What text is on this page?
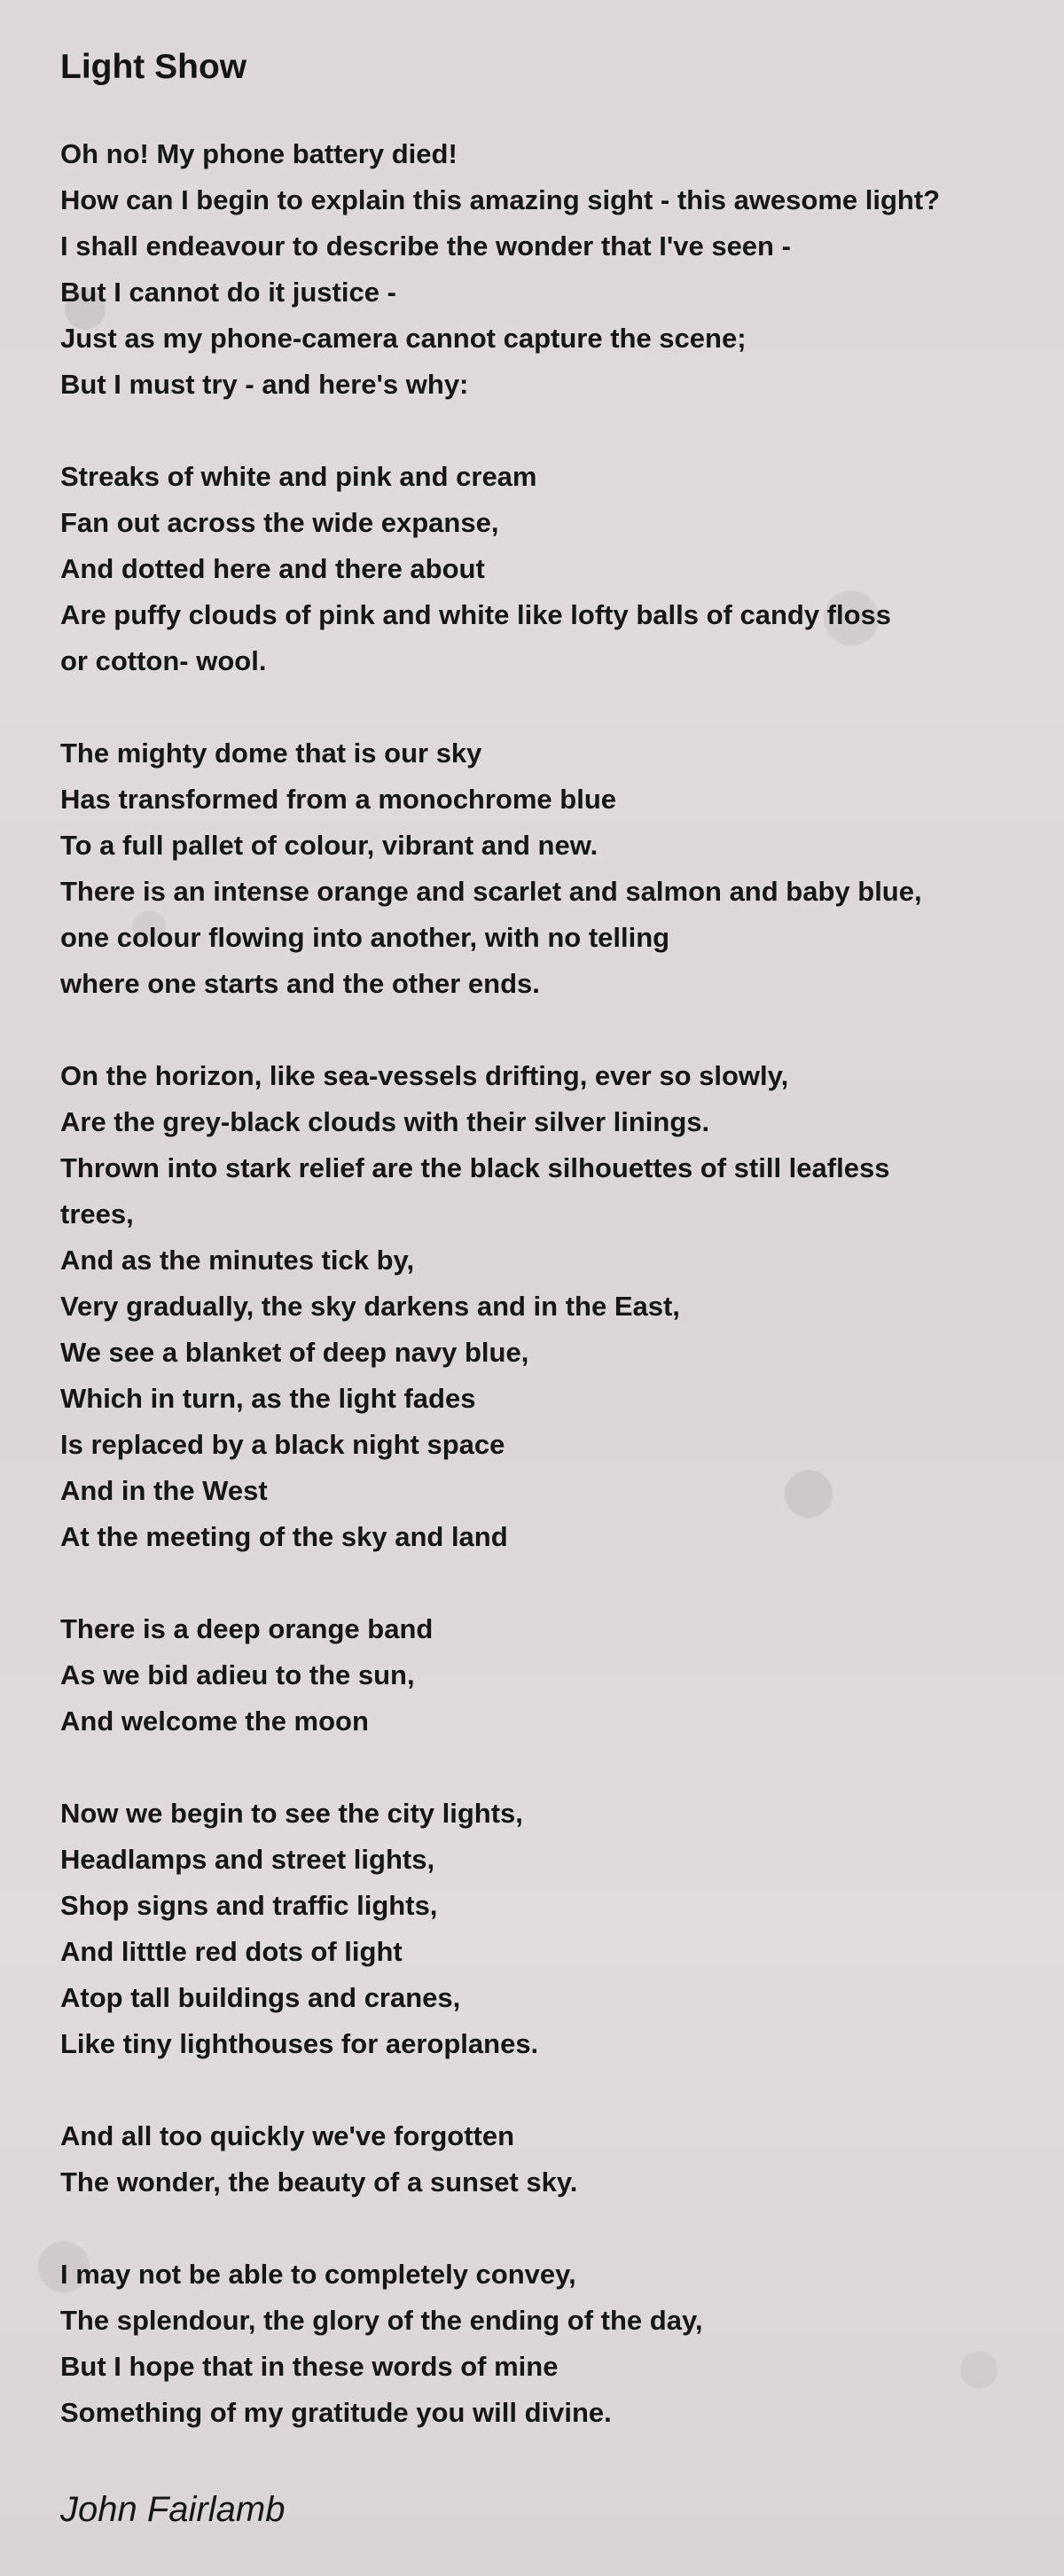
Light Show

Oh no! My phone battery died!
How can I begin to explain this amazing sight - this awesome light?
I shall endeavour to describe the wonder that I've seen -
But I cannot do it justice -
Just as my phone-camera cannot capture the scene;
But I must try - and here's why:

Streaks of white and pink and cream
Fan out across the wide expanse,
And dotted here and there about
Are puffy clouds of pink and white like lofty balls of candy floss
or cotton- wool.

The mighty dome that is our sky
Has transformed from a monochrome blue
To a full pallet of colour, vibrant and new.
There is an intense orange and scarlet and salmon and baby blue,
one colour flowing into another, with no telling
where one starts and the other ends.

On the horizon, like sea-vessels drifting, ever so slowly,
Are the grey-black clouds with their silver linings.
Thrown into stark relief are the black silhouettes of still leafless
trees,
And as the minutes tick by,
Very gradually, the sky darkens and in the East,
We see a blanket of deep navy blue,
Which in turn, as the light fades
Is replaced by a black night space
And in the West
At the meeting of the sky and land

There is a deep orange band
As we bid adieu to the sun,
And welcome the moon

Now we begin to see the city lights,
Headlamps and street lights,
Shop signs and traffic lights,
And litttle red dots of light
Atop tall buildings and cranes,
Like tiny lighthouses for aeroplanes.

And all too quickly we've forgotten
The wonder, the beauty of a sunset sky.

I may not be able to completely convey,
The splendour, the glory of the ending of the day,
But I hope that in these words of mine
Something of my gratitude you will divine.

John Fairlamb
